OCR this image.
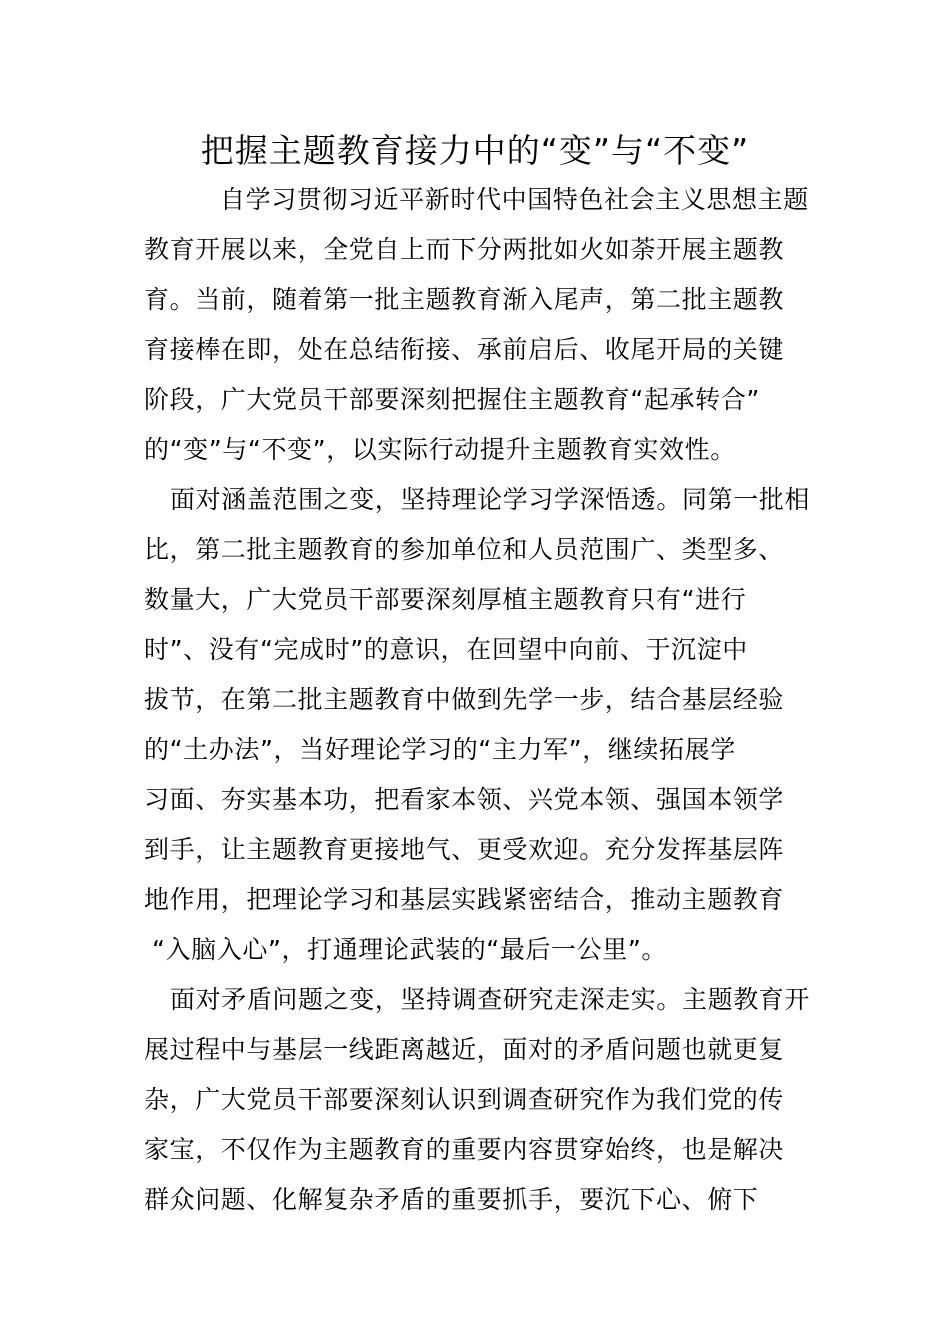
把握主题教育接力中的“变”与“不变”
自学习贯彻习近平新时代中国特色社会主义思想主题
教育开展以来，全党自上而下分两批如火如荼开展主题教
育。当前，随着第一批主题教育渐入尾声，第二批主题教
育接棒在即，处在总结衔接、承前启后、收尾开局的关键
阶段，广大党员干部要深刻把握住主题教育“起承转合”
的“变”与“不变”，以实际行动提升主题教育实效性。
面对涵盖范围之变，坚持理论学习学深悟透。同第一批相
比，第二批主题教育的参加单位和人员范围广、类型多、
数量大，广大党员干部要深刻厚植主题教育只有“进行
时”、没有“完成时”的意识，在回望中向前、于沉淀中
拔节，在第二批主题教育中做到先学一步，结合基层经验
的“土办法”，当好理论学习的“主力军”，继续拓展学
习面、夯实基本功，把看家本领、兴党本领、强国本领学
到手，让主题教育更接地气、更受欢迎。充分发挥基层阵
地作用，把理论学习和基层实践紧密结合，推动主题教育
“入脑入心”，打通理论武装的“最后一公里”。
面对矛盾问题之变，坚持调查研究走深走实。主题教育开
展过程中与基层一线距离越近，面对的矛盾问题也就更复
杂，广大党员干部要深刻认识到调查研究作为我们党的传
家宝，不仅作为主题教育的重要内容贯穿始终，也是解决
群众问题、化解复杂矛盾的重要抓手，要沉下心、俯下
